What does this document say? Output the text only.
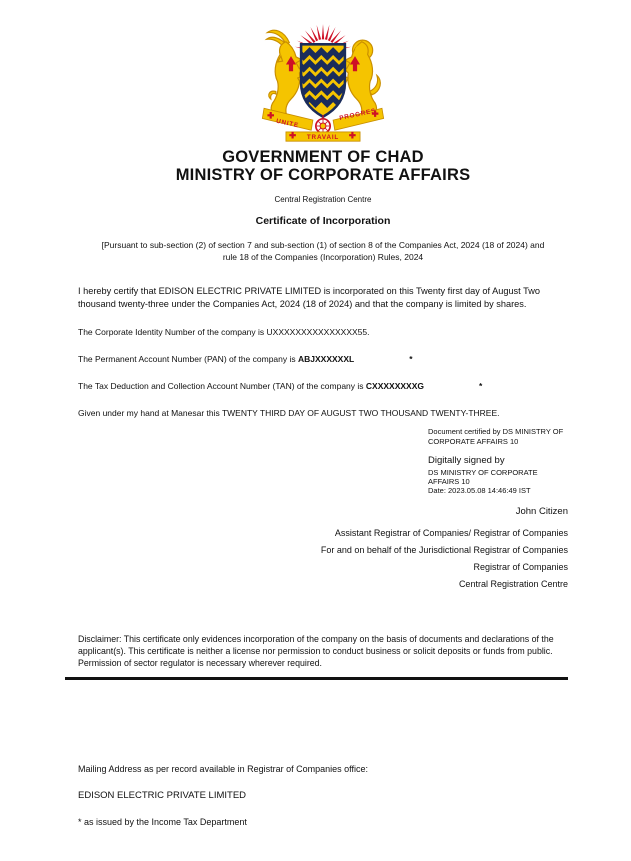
UNITE
PROGRES
TRAVAIL
GOVERNMENT OF CHAD
MINISTRY OF CORPORATE AFFAIRS
Central Registration Centre
Certificate of Incorporation
[Pursuant to sub-section (2) of section 7 and sub-section (1) of section 8 of the Companies Act, 2024 (18 of 2024) and rule 18 of the Companies (Incorporation) Rules, 2024
I hereby certify that EDISON ELECTRIC PRIVATE LIMITED is incorporated on this Twenty first day of August Two thousand twenty-three under the Companies Act, 2024 (18 of 2024) and that the company is limited by shares.
The Corporate Identity Number of the company is UXXXXXXXXXXXXXXX55.
The Permanent Account Number (PAN) of the company is ABJXXXXXXL	*
The Tax Deduction and Collection Account Number (TAN) of the company is CXXXXXXXXG	*
Given under my hand at Manesar this TWENTY THIRD DAY OF AUGUST TWO THOUSAND TWENTY-THREE.
Document certified by DS MINISTRY OF CORPORATE AFFAIRS 10
Digitally signed by
DS MINISTRY OF CORPORATE AFFAIRS 10
Date: 2023.05.08 14:46:49 IST
John Citizen
Assistant Registrar of Companies/ Registrar of Companies
For and on behalf of the Jurisdictional Registrar of Companies
Registrar of Companies
Central Registration Centre
Disclaimer: This certificate only evidences incorporation of the company on the basis of documents and declarations of the applicant(s). This certificate is neither a license nor permission to conduct business or solicit deposits or funds from public. Permission of sector regulator is necessary wherever required.
Mailing Address as per record available in Registrar of Companies office:
EDISON ELECTRIC PRIVATE LIMITED
* as issued by the Income Tax Department
